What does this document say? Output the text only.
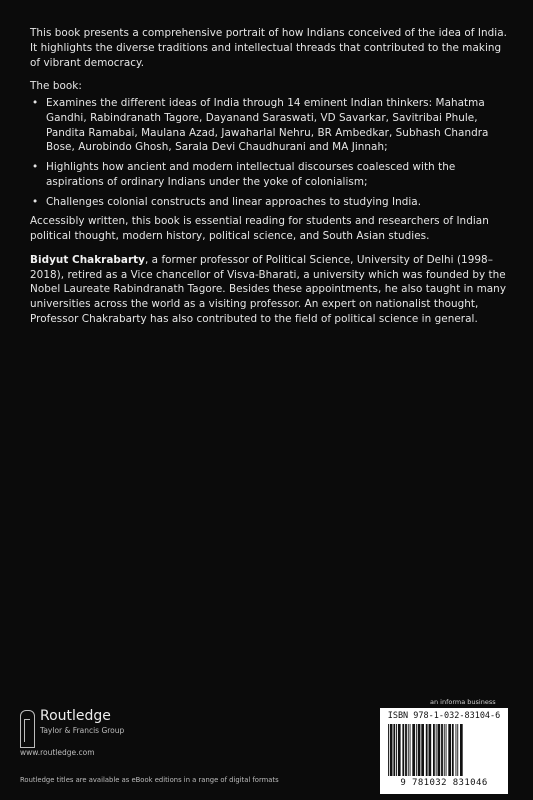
This book presents a comprehensive portrait of how Indians conceived of the idea of India. It highlights the diverse traditions and intellectual threads that contributed to the making of vibrant democracy.

The book:

• Examines the different ideas of India through 14 eminent Indian thinkers: Mahatma Gandhi, Rabindranath Tagore, Dayanand Saraswati, VD Savarkar, Savitribai Phule, Pandita Ramabai, Maulana Azad, Jawaharlal Nehru, BR Ambedkar, Subhash Chandra Bose, Aurobindo Ghosh, Sarala Devi Chaudhurani and MA Jinnah;
• Highlights how ancient and modern intellectual discourses coalesced with the aspirations of ordinary Indians under the yoke of colonialism;
• Challenges colonial constructs and linear approaches to studying India.

Accessibly written, this book is essential reading for students and researchers of Indian political thought, modern history, political science, and South Asian studies.

Bidyut Chakrabarty, a former professor of Political Science, University of Delhi (1998–2018), retired as a Vice chancellor of Visva-Bharati, a university which was founded by the Nobel Laureate Rabindranath Tagore. Besides these appointments, he also taught in many universities across the world as a visiting professor. An expert on nationalist thought, Professor Chakrabarty has also contributed to the field of political science in general.

Routledge
Taylor & Francis Group
www.routledge.com
an informa business
ISBN 978-1-032-83104-6
9 781032 831046
Routledge titles are available as eBook editions in a range of digital formats
